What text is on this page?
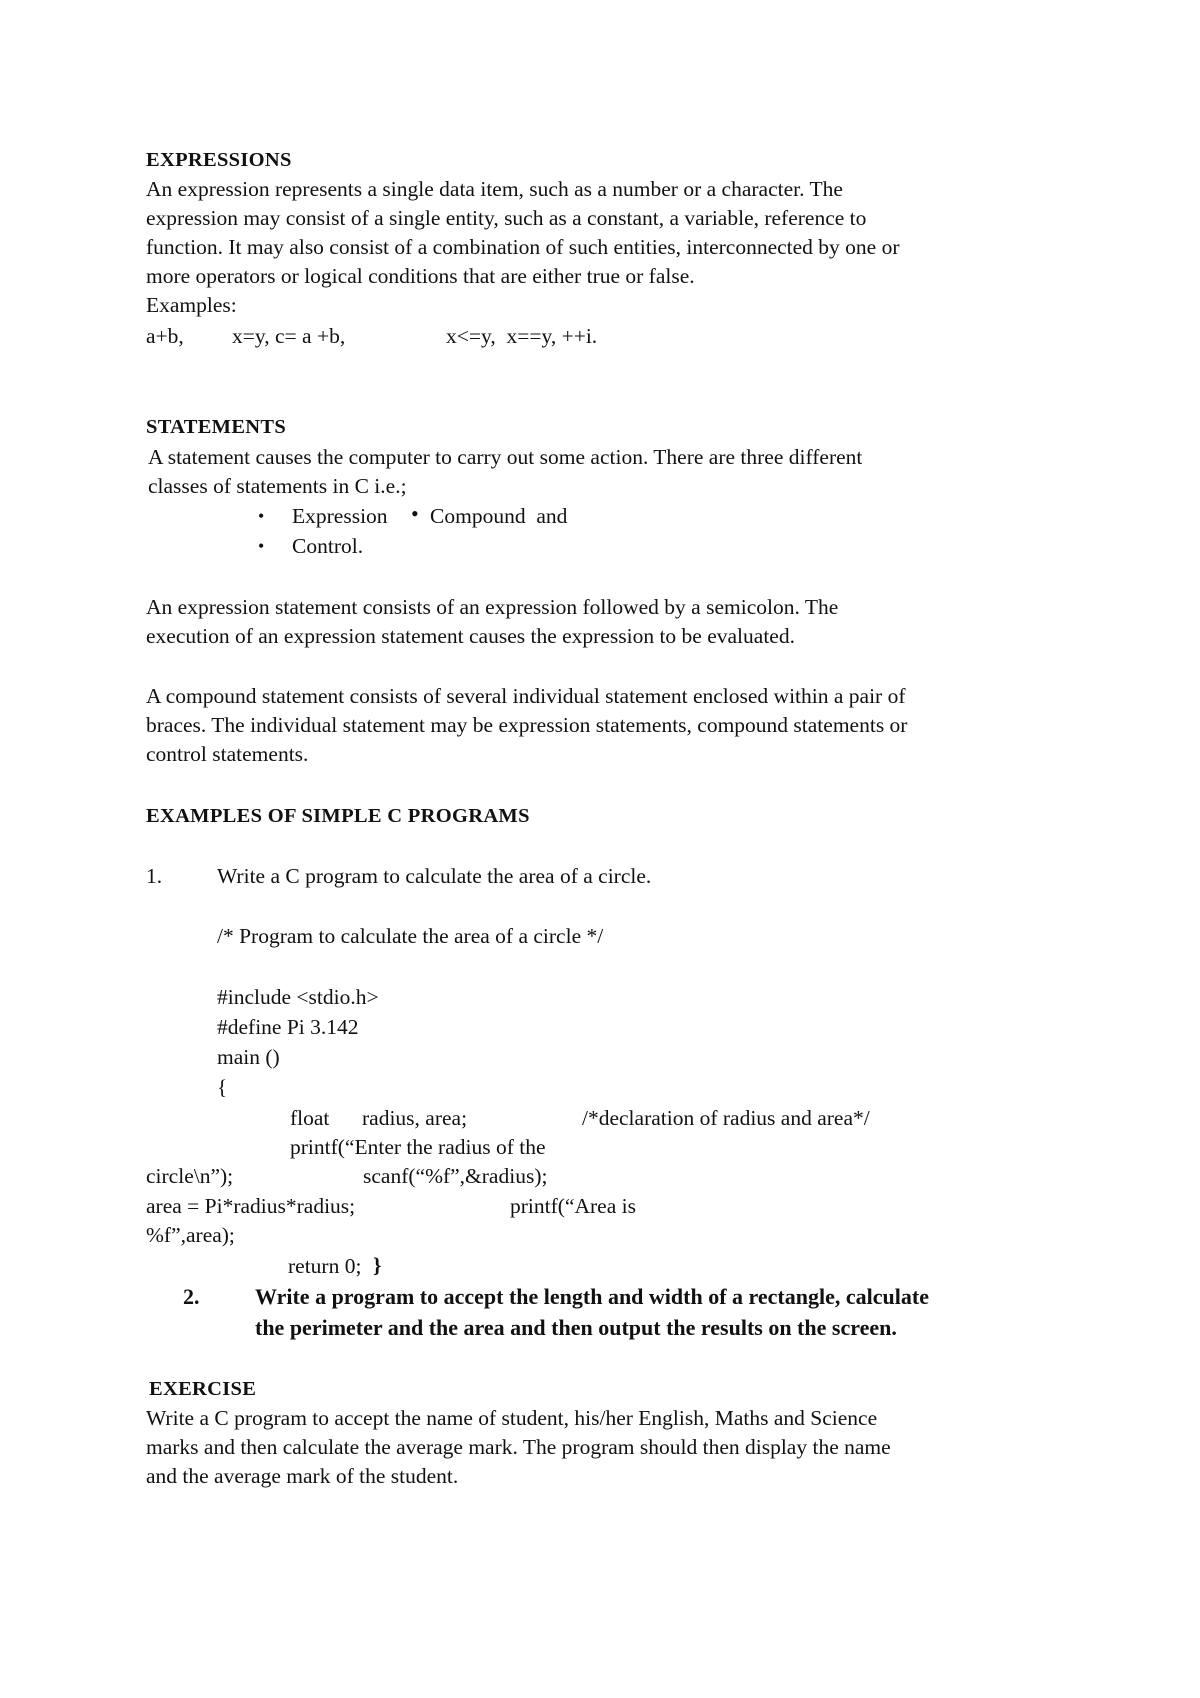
EXPRESSIONS
An expression represents a single data item, such as a number or a character. The
expression may consist of a single entity, such as a constant, a variable, reference to
function. It may also consist of a combination of such entities, interconnected by one or
more operators or logical conditions that are either true or false.
Examples:
a+b, x=y, c= a +b,	x<=y,  x==y, ++i.
STATEMENTS
A statement causes the computer to carry out some action. There are three different
classes of statements in C i.e.;
• Expression • Compound  and
• Control.
An expression statement consists of an expression followed by a semicolon. The
execution of an expression statement causes the expression to be evaluated.
A compound statement consists of several individual statement enclosed within a pair of
braces. The individual statement may be expression statements, compound statements or
control statements.
EXAMPLES OF SIMPLE C PROGRAMS
1.	Write a C program to calculate the area of a circle.
/* Program to calculate the area of a circle */
#include <stdio.h>
#define Pi 3.142
main ()
{
float radius, area;	/*declaration of radius and area*/
printf(“Enter the radius of the
circle\n”);	scanf(“%f”,&radius);
area = Pi*radius*radius;	printf(“Area is
%f”,area);
return 0; }
2.	Write a program to accept the length and width of a rectangle, calculate
the perimeter and the area and then output the results on the screen.
EXERCISE
Write a C program to accept the name of student, his/her English, Maths and Science
marks and then calculate the average mark. The program should then display the name
and the average mark of the student.
